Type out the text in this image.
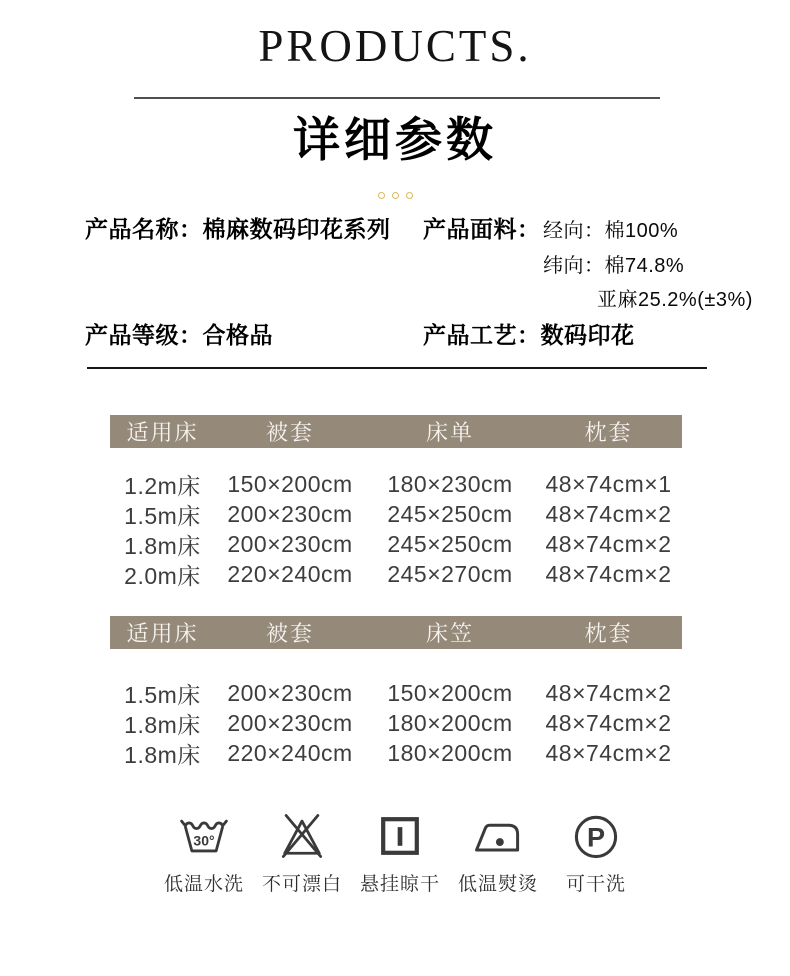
PRODUCTS.
详细参数
产品名称：棉麻数码印花系列 产品面料： 经向：棉100%
纬向：棉74.8%
亚麻25.2%(±3%)
产品等级：合格品	产品工艺：数码印花
适用床	被套	床单	枕套
1.2m床	150×200cm	180×230cm	48×74cm×1
1.5m床	200×230cm	245×250cm	48×74cm×2
1.8m床	200×230cm	245×250cm	48×74cm×2
2.0m床	220×240cm	245×270cm	48×74cm×2
适用床	被套	床笠	枕套
1.5m床	200×230cm	150×200cm	48×74cm×2
1.8m床	200×230cm	180×200cm	48×74cm×2
1.8m床	220×240cm	180×200cm	48×74cm×2
30°
低温水洗 不可漂白 悬挂晾干 低温熨烫
P
可干洗
